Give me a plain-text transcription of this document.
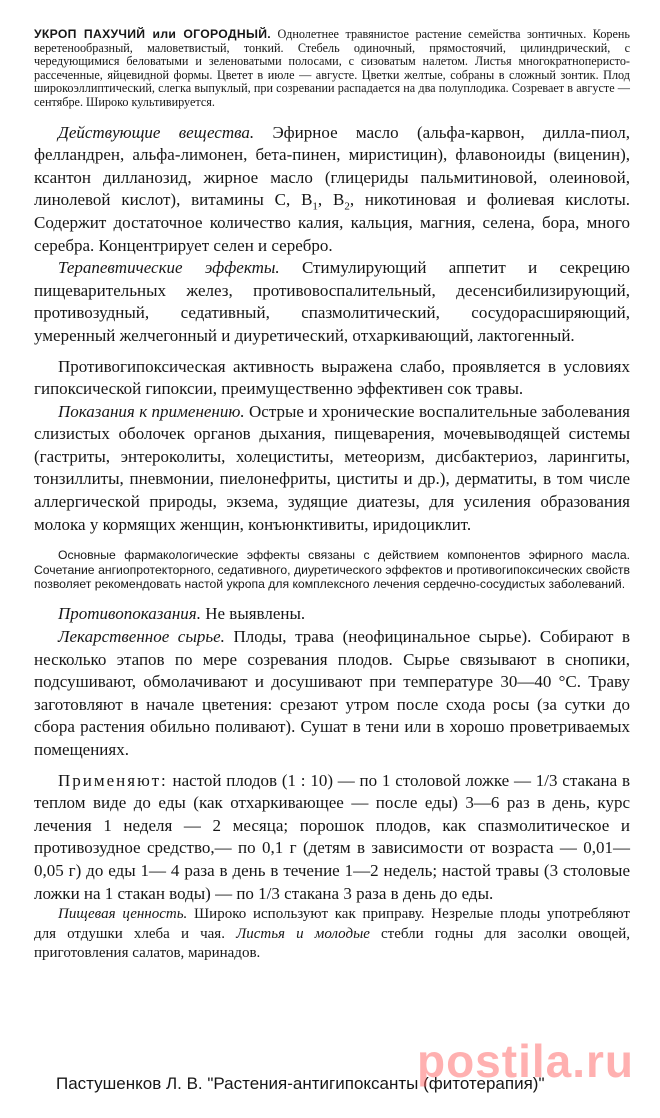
УКРОП ПАХУЧИЙ или ОГОРОДНЫЙ. Однолетнее травянистое растение семейства зонтичных. Корень веретенообразный, маловетвистый, тонкий. Стебель одиночный, прямостоячий, цилиндрический, с чередующимися беловатыми и зеленоватыми полосами, с сизоватым налетом. Листья многократноперисто-рассеченные, яйцевидной формы. Цветет в июле — августе. Цветки желтые, собраны в сложный зонтик. Плод широкоэллиптический, слегка выпуклый, при созревании распадается на два полуплодика. Созревает в августе — сентябре. Широко культивируется.

Действующие вещества. Эфирное масло (альфа-карвон, дилла-пиол, фелландрен, альфа-лимонен, бета-пинен, миристицин), флавоноиды (вицeнин), ксантон дилланозид, жирное масло (глицериды пальмитиновой, олеиновой, линолевой кислот), витамины С, $B_1$, $B_2$, никотиновая и фолиевая кислоты. Содержит достаточное количество калия, кальция, магния, селена, бора, много серебра. Концентрирует селен и серебро.

Терапевтические эффекты. Стимулирующий аппетит и секрецию пищеварительных желез, противовоспалительный, десенсибилизирующий, противозудный, седативный, спазмолитический, сосудорасширяющий, умеренный желчегонный и диуретический, отхаркивающий, лактогенный.

Противогипоксическая активность выражена слабо, проявляется в условиях гипоксической гипоксии, преимущественно эффективен сок травы.

Показания к применению. Острые и хронические воспалительные заболевания слизистых оболочек органов дыхания, пищеварения, мочевыводящей системы (гастриты, энтероколиты, холециститы, метеоризм, дисбактериоз, ларингиты, тонзиллиты, пневмонии, пиелонефриты, циститы и др.), дерматиты, в том числе аллергической природы, экзема, зудящие диатезы, для усиления образования молока у кормящих женщин, конъюнктивиты, иридоциклит.

Основные фармакологические эффекты связаны с действием компонентов эфирного масла. Сочетание ангиопротекторного, седативного, диуретического эффектов и противогипоксических свойств позволяет рекомендовать настой укропа для комплексного лечения сердечно-сосудистых заболеваний.

Противопоказания. Не выявлены.

Лекарственное сырье. Плоды, трава (неофицинальное сырье). Собирают в несколько этапов по мере созревания плодов. Сырье связывают в снопики, подсушивают, обмолачивают и досушивают при температуре 30—40 °С. Траву заготовляют в начале цветения: срезают утром после схода росы (за сутки до сбора растения обильно поливают). Сушат в тени или в хорошо проветриваемых помещениях.

Применяют: настой плодов (1 : 10) — по 1 столовой ложке — 1/3 стакана в теплом виде до еды (как отхаркивающее — после еды) 3—6 раз в день, курс лечения 1 неделя — 2 месяца; порошок плодов, как спазмолитическое и противозудное средство,— по 0,1 г (детям в зависимости от возраста — 0,01—0,05 г) до еды 1— 4 раза в день в течение 1—2 недель; настой травы (3 столовые ложки на 1 стакан воды) — по 1/3 стакана 3 раза в день до еды.

Пищевая ценность. Широко используют как приправу. Незрелые плоды употребляют для отдушки хлеба и чая. Листья и молодые стебли годны для засолки овощей, приготовления салатов, маринадов.

Пастушенков Л. В. "Растения-антигипоксанты (фитотерапия)"

postila.ru
